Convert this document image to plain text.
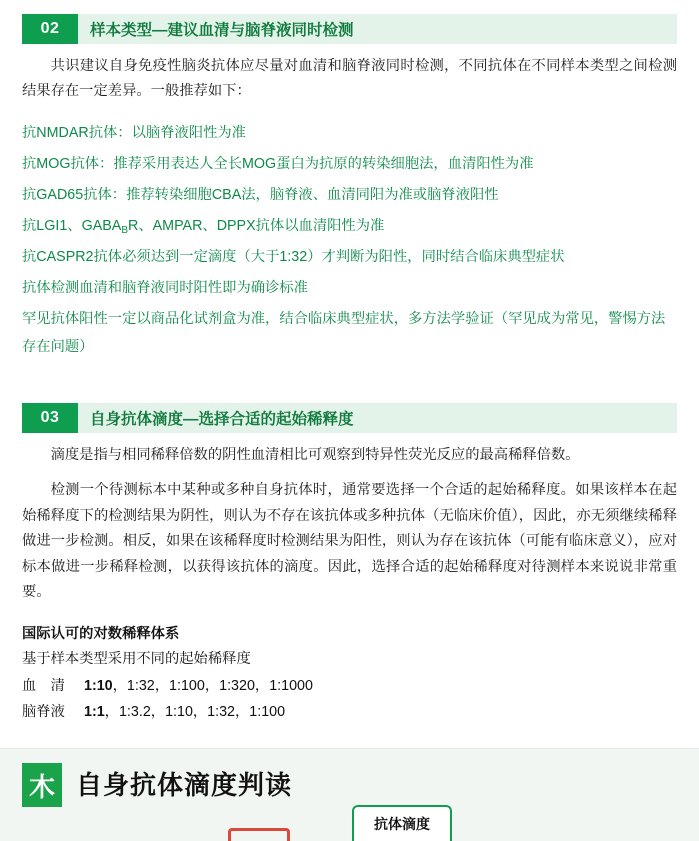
02	样本类型—建议血清与脑脊液同时检测

共识建议自身免疫性脑炎抗体应尽量对血清和脑脊液同时检测，不同抗体在不同样本类型之间检测结果存在一定差异。一般推荐如下：

抗NMDAR抗体：以脑脊液阳性为准

抗MOG抗体：推荐采用表达人全长MOG蛋白为抗原的转染细胞法，血清阳性为准

抗GAD65抗体：推荐转染细胞CBA法，脑脊液、血清同阳为准或脑脊液阳性

抗LGI1、$GABA_BR$、AMPAR、DPPX抗体以血清阳性为准

抗CASPR2抗体必须达到一定滴度（大于1:32）才判断为阳性，同时结合临床典型症状

抗体检测血清和脑脊液同时阳性即为确诊标准

罕见抗体阳性一定以商品化试剂盒为准，结合临床典型症状，多方法学验证（罕见成为常见，警惕方法存在问题）

03	自身抗体滴度—选择合适的起始稀释度

滴度是指与相同稀释倍数的阴性血清相比可观察到特异性荧光反应的最高稀释倍数。

检测一个待测标本中某种或多种自身抗体时，通常要选择一个合适的起始稀释度。如果该样本在起始稀释度下的检测结果为阴性，则认为不存在该抗体或多种抗体（无临床价值），因此，亦无须继续稀释做进一步检测。相反，如果在该稀释度时检测结果为阳性，则认为存在该抗体（可能有临床意义），应对标本做进一步稀释检测，以获得该抗体的滴度。因此，选择合适的起始稀释度对待测样本来说说非常重要。

国际认可的对数稀释体系

基于样本类型采用不同的起始稀释度

血　清 1:10，1:32，1:100，1:320，1:1000

脑脊液 1:1，1:3.2，1:10，1:32，1:100

木 自身抗体滴度判读
抗体滴度
